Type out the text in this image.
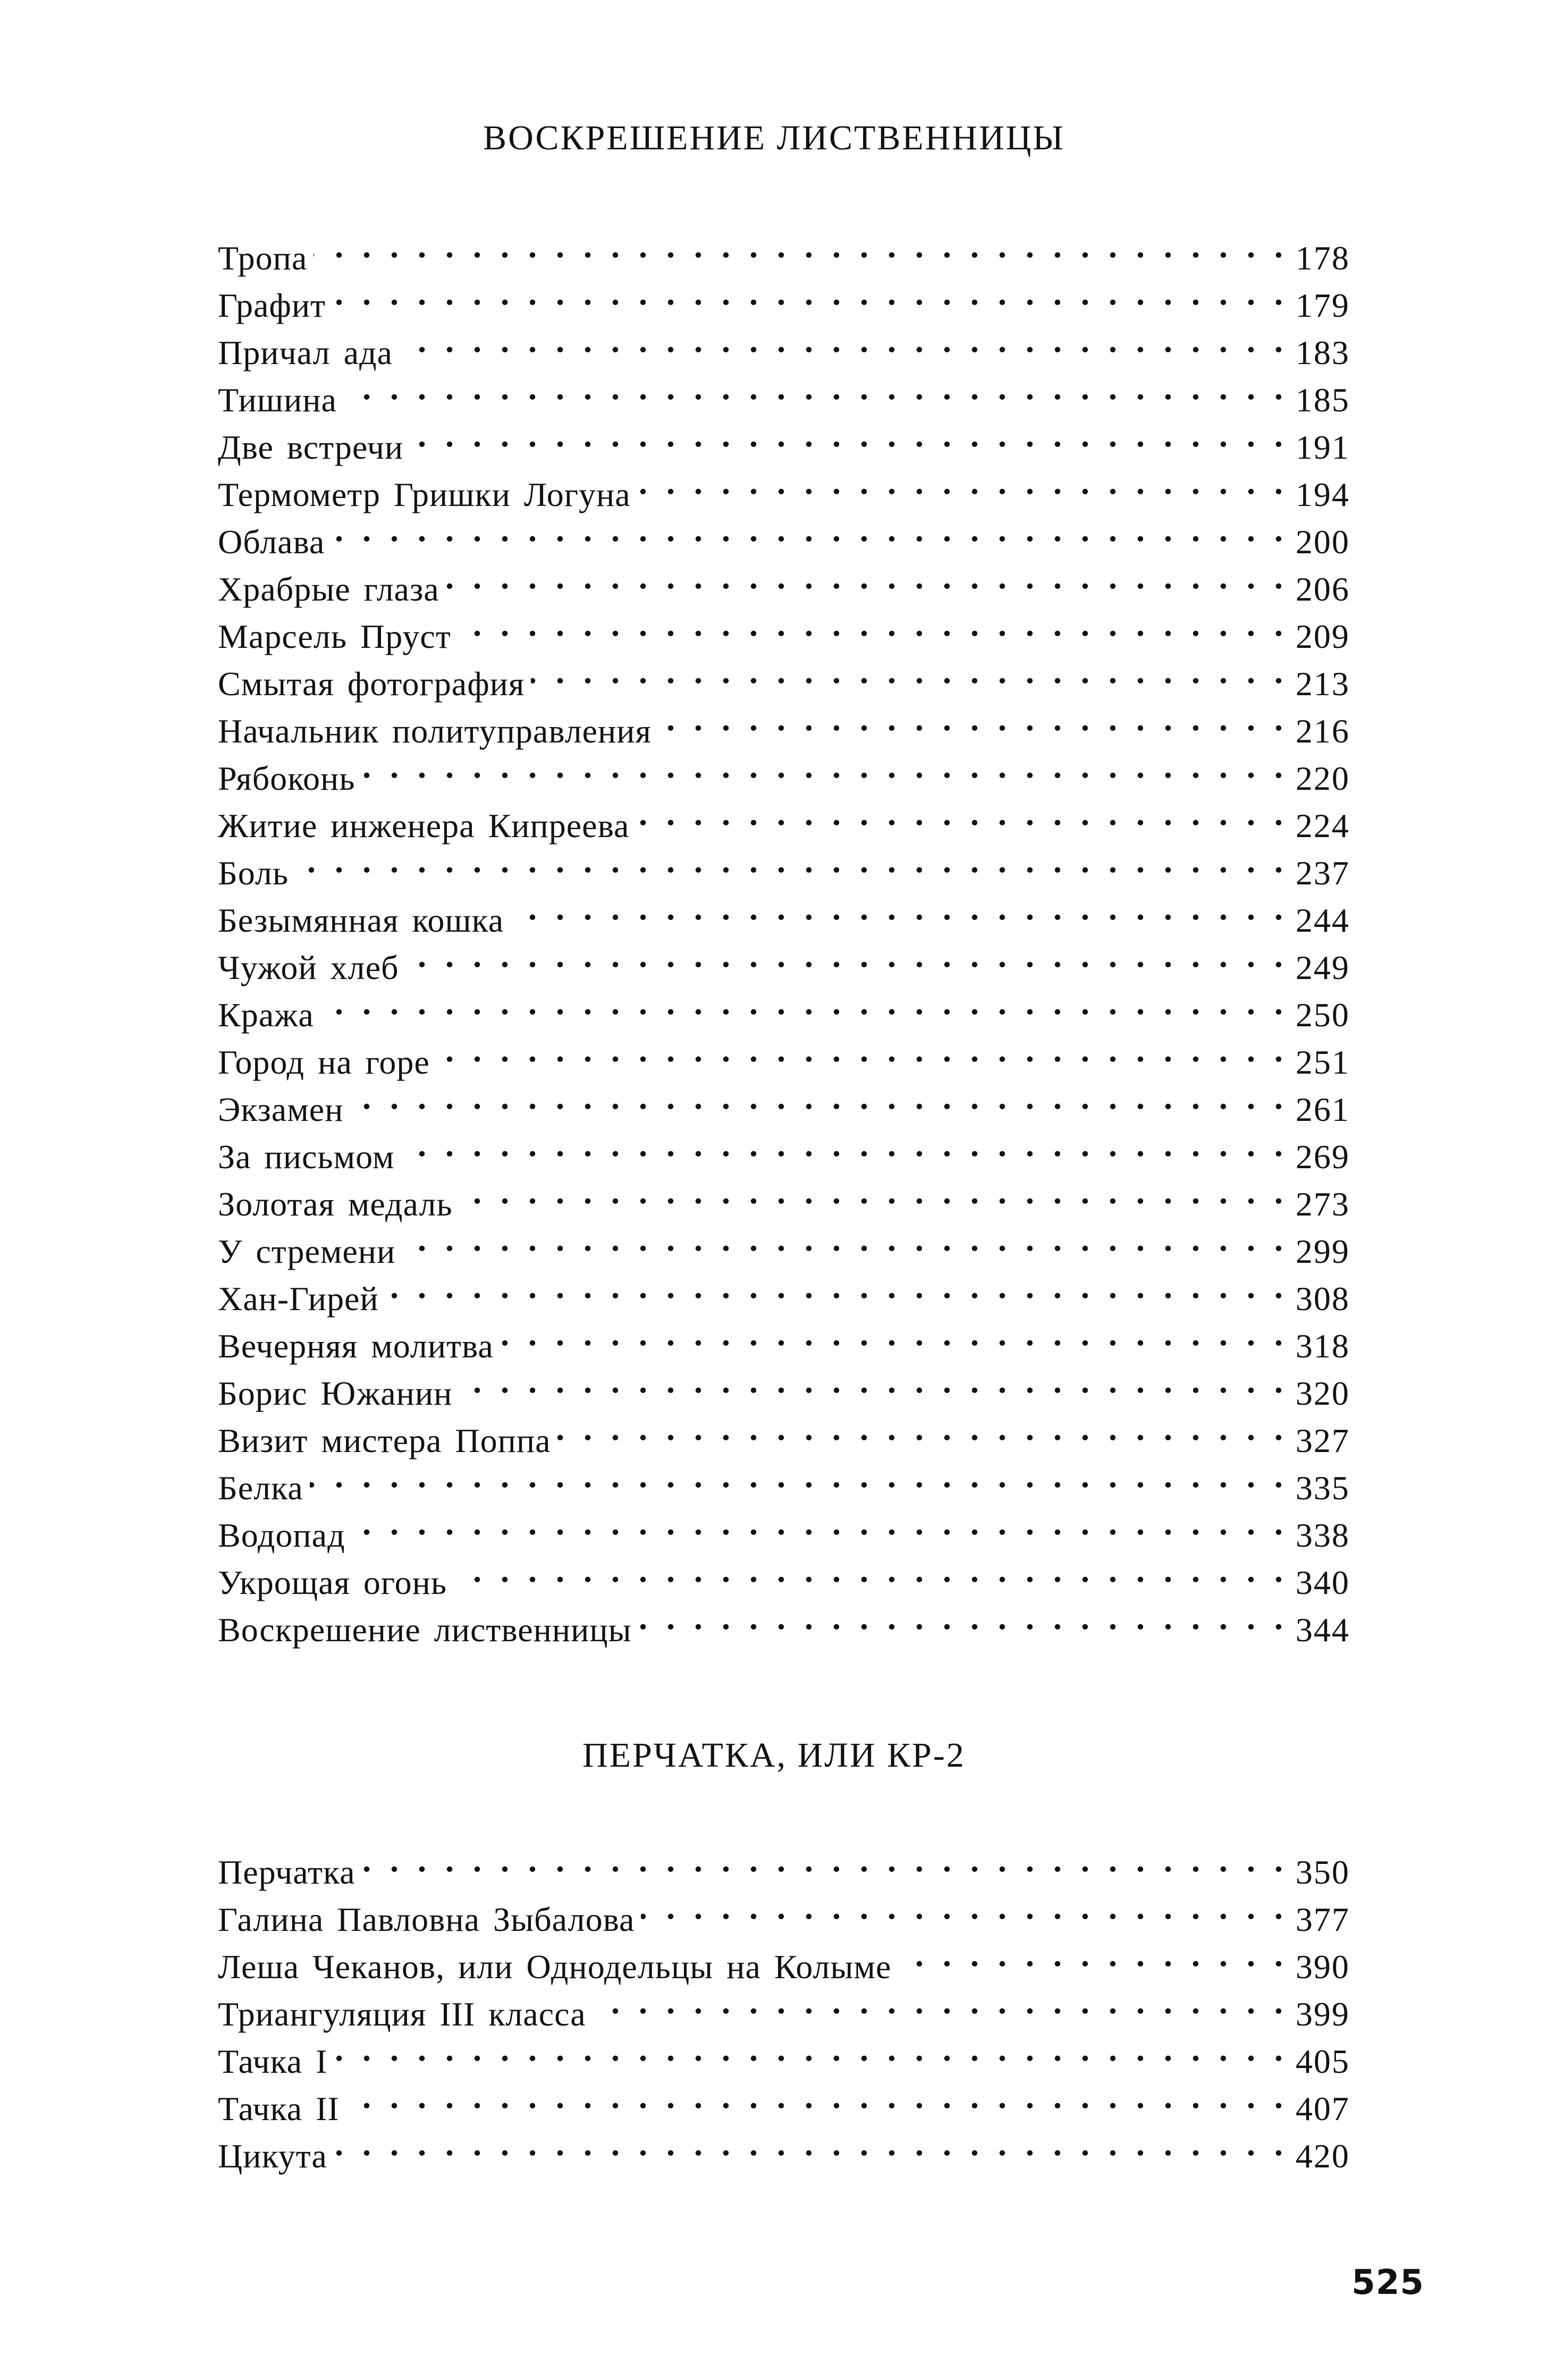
ВОСКРЕШЕНИЕ ЛИСТВЕННИЦЫ
Тропа . . .	178
Графит . . .	179
Причал ада . . .	183
Тишина . . .	185
Две встречи . . .	191
Термометр Гришки Логуна . . .	194
Облава . . .	200
Храбрые глаза . . .	206
Марсель Пруст . . .	209
Смытая фотография . . .	213
Начальник политуправления . . .	216
Рябоконь . . .	220
Житие инженера Кипреева . . .	224
Боль . . .	237
Безымянная кошка . . .	244
Чужой хлеб . . .	249
Кража . . .	250
Город на горе . . .	251
Экзамен . . .	261
За письмом . . .	269
Золотая медаль . . .	273
У стремени . . .	299
Хан-Гирей . . .	308
Вечерняя молитва . . .	318
Борис Южанин . . .	320
Визит мистера Поппа . . .	327
Белка . . .	335
Водопад . . .	338
Укрощая огонь . . .	340
Воскрешение лиственницы . . .	344
ПЕРЧАТКА, ИЛИ КР-2
Перчатка . . .	350
Галина Павловна Зыбалова . . .	377
Леша Чеканов, или Однодельцы на Колыме . . .	390
Триангуляция III класса . . .	399
Тачка I . . .	405
Тачка II . . .	407
Цикута . . .	420
525
